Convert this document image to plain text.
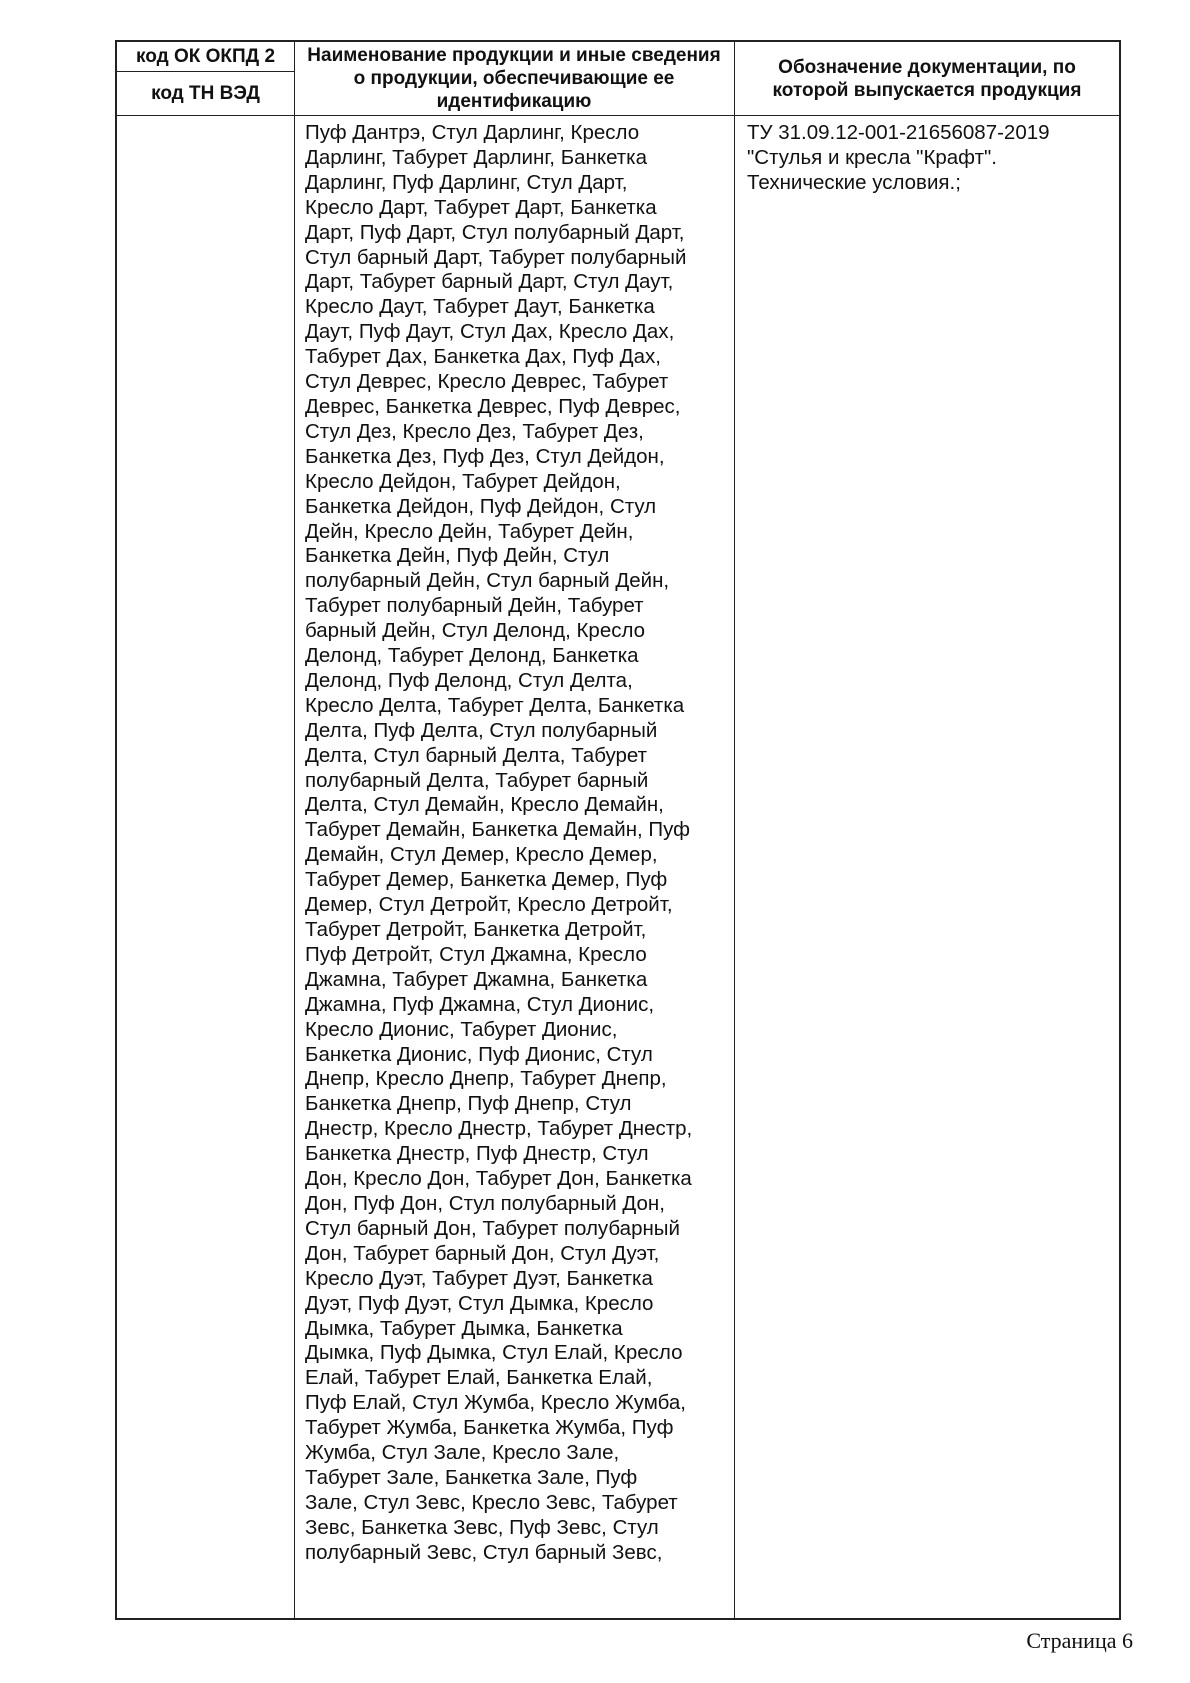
код ОК ОКПД 2
код ТН ВЭД
Наименование продукции и иные сведения о продукции, обеспечивающие ее идентификацию
Обозначение документации, по которой выпускается продукция
Пуф Дантрэ, Стул Дарлинг, Кресло
Дарлинг, Табурет Дарлинг, Банкетка
Дарлинг, Пуф Дарлинг, Стул Дарт,
Кресло Дарт, Табурет Дарт, Банкетка
Дарт, Пуф Дарт, Стул полубарный Дарт,
Стул барный Дарт, Табурет полубарный
Дарт, Табурет барный Дарт, Стул Даут,
Кресло Даут, Табурет Даут, Банкетка
Даут, Пуф Даут, Стул Дах, Кресло Дах,
Табурет Дах, Банкетка Дах, Пуф Дах,
Стул Деврес, Кресло Деврес, Табурет
Деврес, Банкетка Деврес, Пуф Деврес,
Стул Дез, Кресло Дез, Табурет Дез,
Банкетка Дез, Пуф Дез, Стул Дейдон,
Кресло Дейдон, Табурет Дейдон,
Банкетка Дейдон, Пуф Дейдон, Стул
Дейн, Кресло Дейн, Табурет Дейн,
Банкетка Дейн, Пуф Дейн, Стул
полубарный Дейн, Стул барный Дейн,
Табурет полубарный Дейн, Табурет
барный Дейн, Стул Делонд, Кресло
Делонд, Табурет Делонд, Банкетка
Делонд, Пуф Делонд, Стул Делта,
Кресло Делта, Табурет Делта, Банкетка
Делта, Пуф Делта, Стул полубарный
Делта, Стул барный Делта, Табурет
полубарный Делта, Табурет барный
Делта, Стул Демайн, Кресло Демайн,
Табурет Демайн, Банкетка Демайн, Пуф
Демайн, Стул Демер, Кресло Демер,
Табурет Демер, Банкетка Демер, Пуф
Демер, Стул Детройт, Кресло Детройт,
Табурет Детройт, Банкетка Детройт,
Пуф Детройт, Стул Джамна, Кресло
Джамна, Табурет Джамна, Банкетка
Джамна, Пуф Джамна, Стул Дионис,
Кресло Дионис, Табурет Дионис,
Банкетка Дионис, Пуф Дионис, Стул
Днепр, Кресло Днепр, Табурет Днепр,
Банкетка Днепр, Пуф Днепр, Стул
Днестр, Кресло Днестр, Табурет Днестр,
Банкетка Днестр, Пуф Днестр, Стул
Дон, Кресло Дон, Табурет Дон, Банкетка
Дон, Пуф Дон, Стул полубарный Дон,
Стул барный Дон, Табурет полубарный
Дон, Табурет барный Дон, Стул Дуэт,
Кресло Дуэт, Табурет Дуэт, Банкетка
Дуэт, Пуф Дуэт, Стул Дымка, Кресло
Дымка, Табурет Дымка, Банкетка
Дымка, Пуф Дымка, Стул Елай, Кресло
Елай, Табурет Елай, Банкетка Елай,
Пуф Елай, Стул Жумба, Кресло Жумба,
Табурет Жумба, Банкетка Жумба, Пуф
Жумба, Стул Зале, Кресло Зале,
Табурет Зале, Банкетка Зале, Пуф
Зале, Стул Зевс, Кресло Зевс, Табурет
Зевс, Банкетка Зевс, Пуф Зевс, Стул
полубарный Зевс, Стул барный Зевс,
ТУ 31.09.12-001-21656087-2019
"Стулья и кресла "Крафт".
Технические условия.;
Страница 6
